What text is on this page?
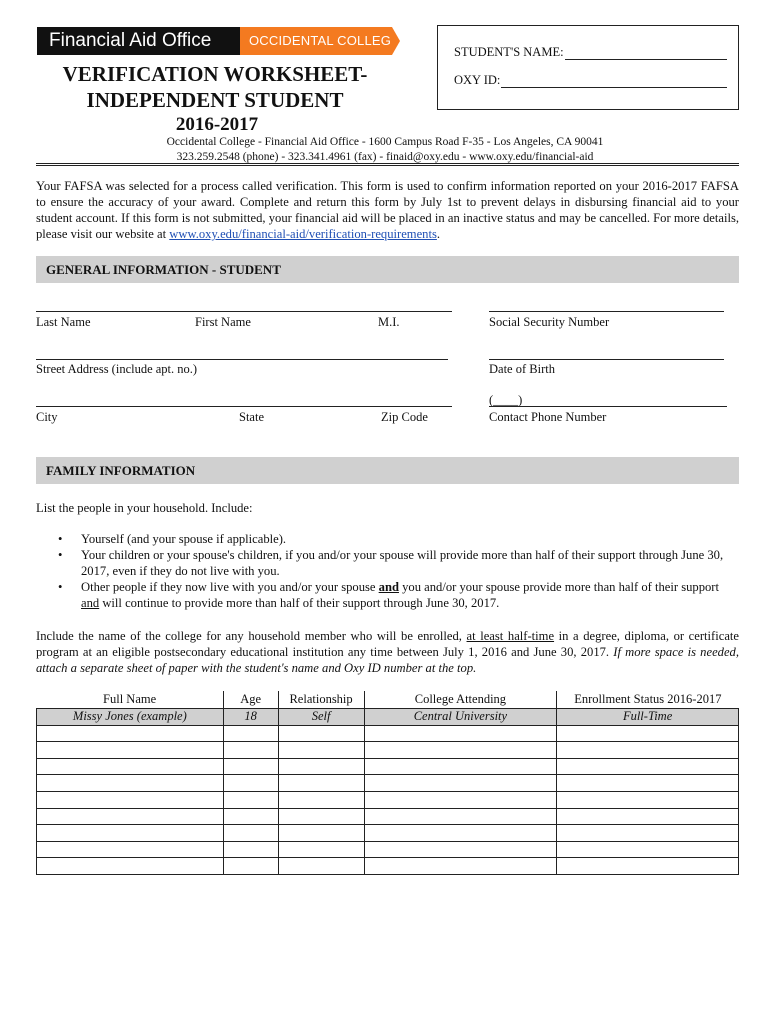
Financial Aid Office	OCCIDENTAL COLLEGE
STUDENT'S NAME:
OXY ID:
VERIFICATION WORKSHEET-
INDEPENDENT STUDENT
2016-2017
Occidental College - Financial Aid Office - 1600 Campus Road F-35 - Los Angeles, CA 90041
323.259.2548 (phone) - 323.341.4961 (fax) - finaid@oxy.edu - www.oxy.edu/financial-aid
Your FAFSA was selected for a process called verification. This form is used to confirm information reported on your 2016-2017 FAFSA to ensure the accuracy of your award. Complete and return this form by July 1st to prevent delays in disbursing financial aid to your student account. If this form is not submitted, your financial aid will be placed in an inactive status and may be cancelled. For more details, please visit our website at www.oxy.edu/financial-aid/verification-requirements.
GENERAL INFORMATION - STUDENT
Last Name	First Name	M.I.	Social Security Number
Street Address (include apt. no.)	Date of Birth
(____)
City	State	Zip Code	Contact Phone Number
FAMILY INFORMATION
List the people in your household. Include:
• Yourself (and your spouse if applicable).
• Your children or your spouse's children, if you and/or your spouse will provide more than half of their support through June 30, 2017, even if they do not live with you.
• Other people if they now live with you and/or your spouse and you and/or your spouse provide more than half of their support and will continue to provide more than half of their support through June 30, 2017.
Include the name of the college for any household member who will be enrolled, at least half-time in a degree, diploma, or certificate program at an eligible postsecondary educational institution any time between July 1, 2016 and June 30, 2017. If more space is needed, attach a separate sheet of paper with the student's name and Oxy ID number at the top.
Full Name	Age	Relationship	College Attending	Enrollment Status 2016-2017
Missy Jones (example)	18	Self	Central University	Full-Time
